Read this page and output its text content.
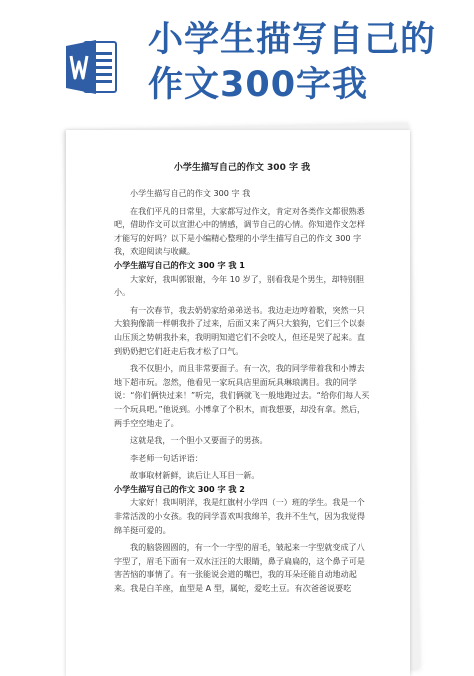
小学生描写自己的
作文300字我
小学生描写自己的作文 300 字 我

小学生描写自己的作文 300 字 我

在我们平凡的日常里，大家都写过作文，肯定对各类作文都很熟悉吧，借助作文可以宣泄心中的情感，调节自己的心情。你知道作文怎样才能写的好吗？以下是小编精心整理的小学生描写自己的作文 300 字 我，欢迎阅读与收藏。

小学生描写自己的作文 300 字 我 1

大家好，我叫郭银谢，今年 10 岁了，别看我是个男生，却特别胆小。

有一次春节，我去奶奶家给弟弟送书。我边走边哼着歌，突然一只大狼狗像箭一样朝我扑了过来，后面又来了两只大狼狗，它们三个以泰山压顶之势朝我扑来，我明明知道它们不会咬人，但还是哭了起来。直到奶奶把它们赶走后我才松了口气。

我不仅胆小，而且非常要面子。有一次，我的同学带着我和小博去地下超市玩。忽然，他看见一家玩具店里面玩具琳琅满目。我的同学说：“你们俩快过来！”听完，我们俩就飞一般地跑过去。“给你们每人买一个玩具吧。”他说到。小博拿了个积木，而我想要，却没有拿。然后，两手空空地走了。

这就是我，一个胆小又要面子的男孩。

李老师一句话评语：

故事取材新鲜，读后让人耳目一新。

小学生描写自己的作文 300 字 我 2

大家好！我叫明洋，我是红旗村小学四（一）班的学生。我是一个非常活泼的小女孩。我的同学喜欢叫我绵羊，我并不生气，因为我觉得绵羊挺可爱的。

我的脑袋圆圆的，有一个一字型的眉毛，皱起来一字型就变成了八字型了，眉毛下面有一双水汪汪的大眼睛，鼻子扁扁的，这个鼻子可是害苦恼的事情了。有一张能说会道的嘴巴，我的耳朵还能自动地动起来。我是白羊座，血型是 A 型，属蛇，爱吃土豆。有次爸爸说要吃
